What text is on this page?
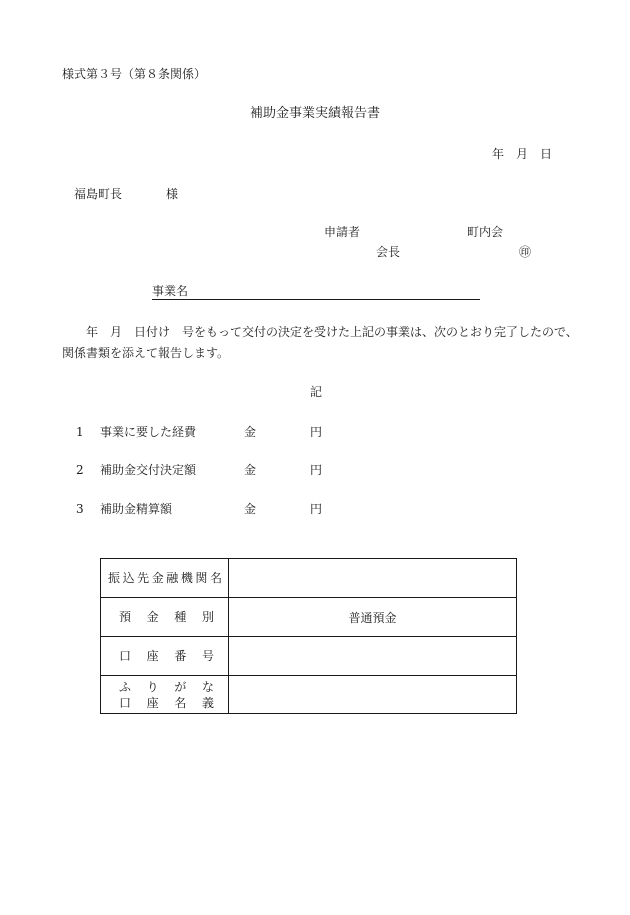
様式第３号（第８条関係）
補助金事業実績報告書
年　月　日
福島町長	様
申請者	町内会
会長	㊞
事業名
年　月　日付け　号をもって交付の決定を受けた上記の事業は、次のとおり完了したので、関係書類を添えて報告します。
記
1 事業に要した経費	金	円
2 補助金交付決定額	金	円
3 補助金精算額	金	円
振込先金融機関名	

預金種別	普通預金

口座番号	

ふりがな
口座名義	
